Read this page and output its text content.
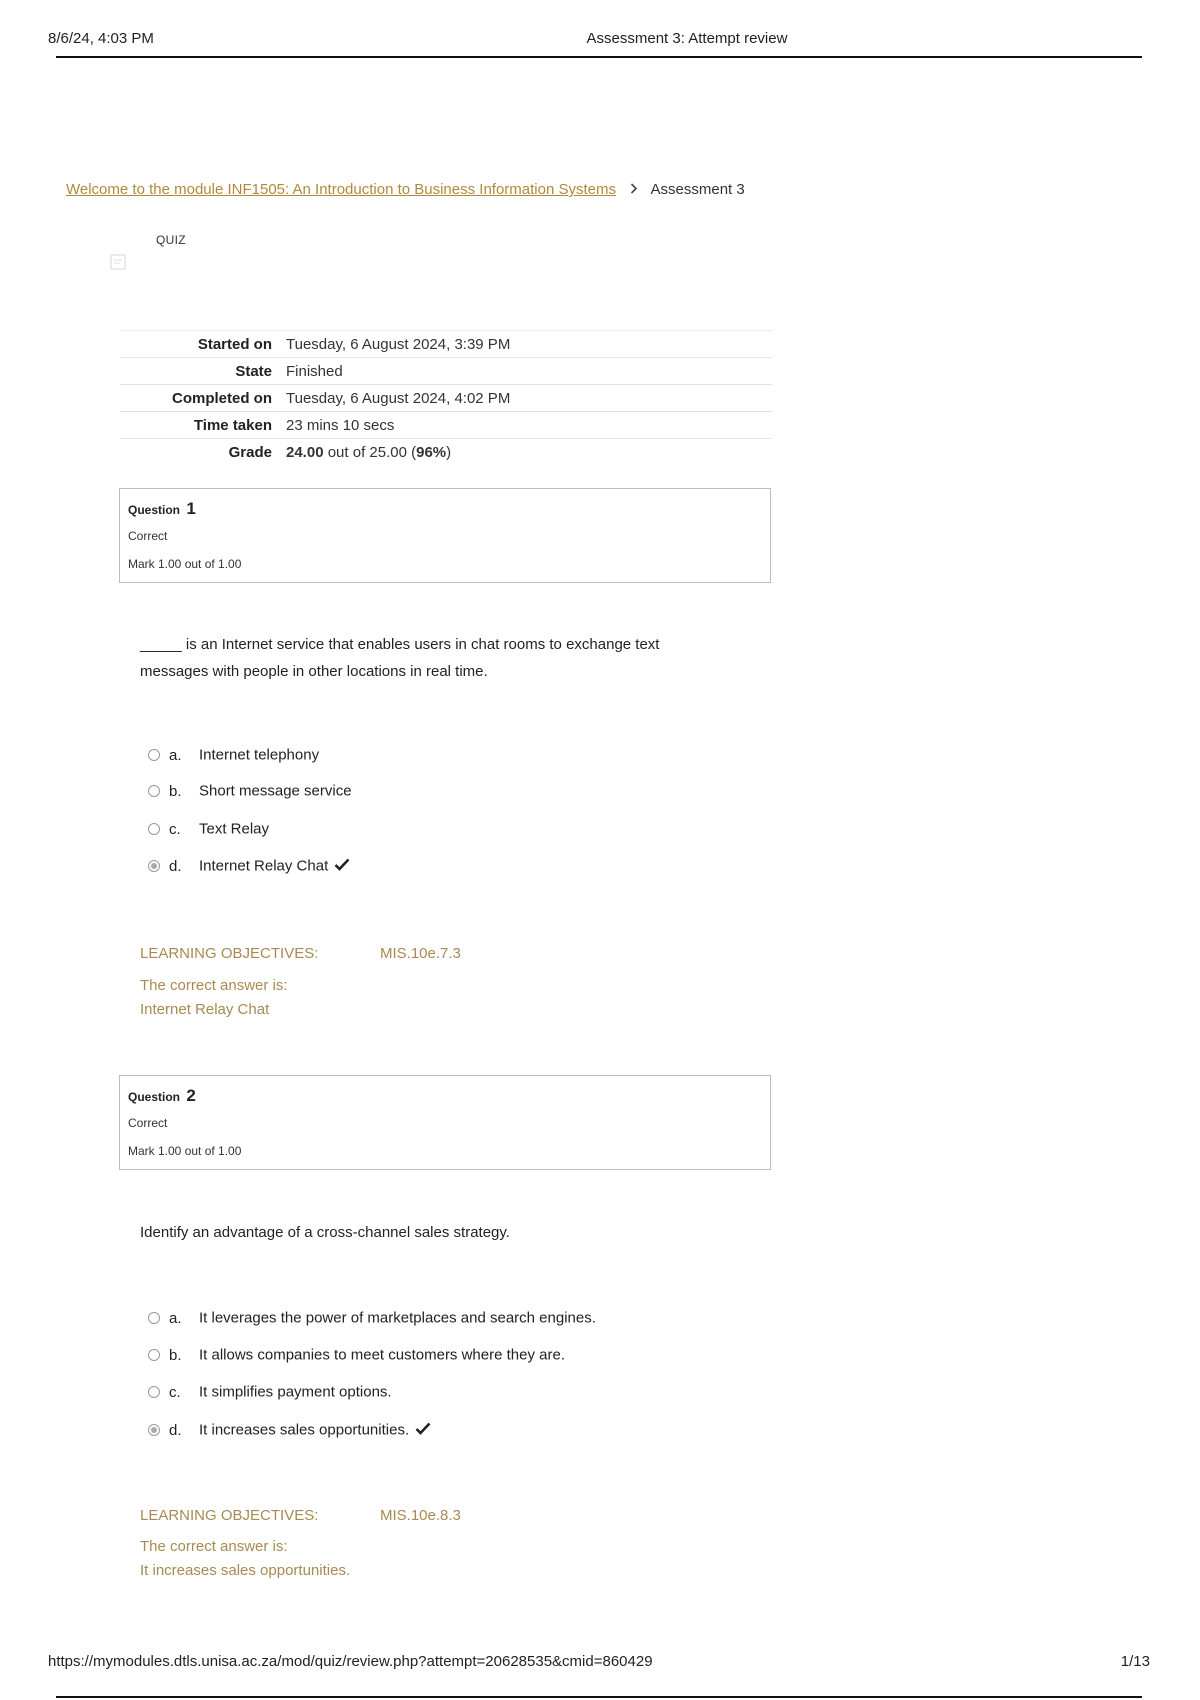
8/6/24, 4:03 PM	Assessment 3: Attempt review
Welcome to the module INF1505: An Introduction to Business Information Systems Assessment 3
QUIZ
Started on	Tuesday, 6 August 2024, 3:39 PM
State	Finished
Completed on	Tuesday, 6 August 2024, 4:02 PM
Time taken	23 mins 10 secs
Grade	24.00 out of 25.00 (96%)
Question 1
Correct
Mark 1.00 out of 1.00
_____ is an Internet service that enables users in chat rooms to exchange text
messages with people in other locations in real time.
a. Internet telephony
b. Short message service
c. Text Relay
d. Internet Relay Chat
LEARNING OBJECTIVES:	MIS.10e.7.3
The correct answer is:
Internet Relay Chat
Question 2
Correct
Mark 1.00 out of 1.00
Identify an advantage of a cross-channel sales strategy.
a. It leverages the power of marketplaces and search engines.
b. It allows companies to meet customers where they are.
c. It simplifies payment options.
d. It increases sales opportunities.
LEARNING OBJECTIVES:	MIS.10e.8.3
The correct answer is:
It increases sales opportunities.
https://mymodules.dtls.unisa.ac.za/mod/quiz/review.php?attempt=20628535&cmid=860429	1/13
